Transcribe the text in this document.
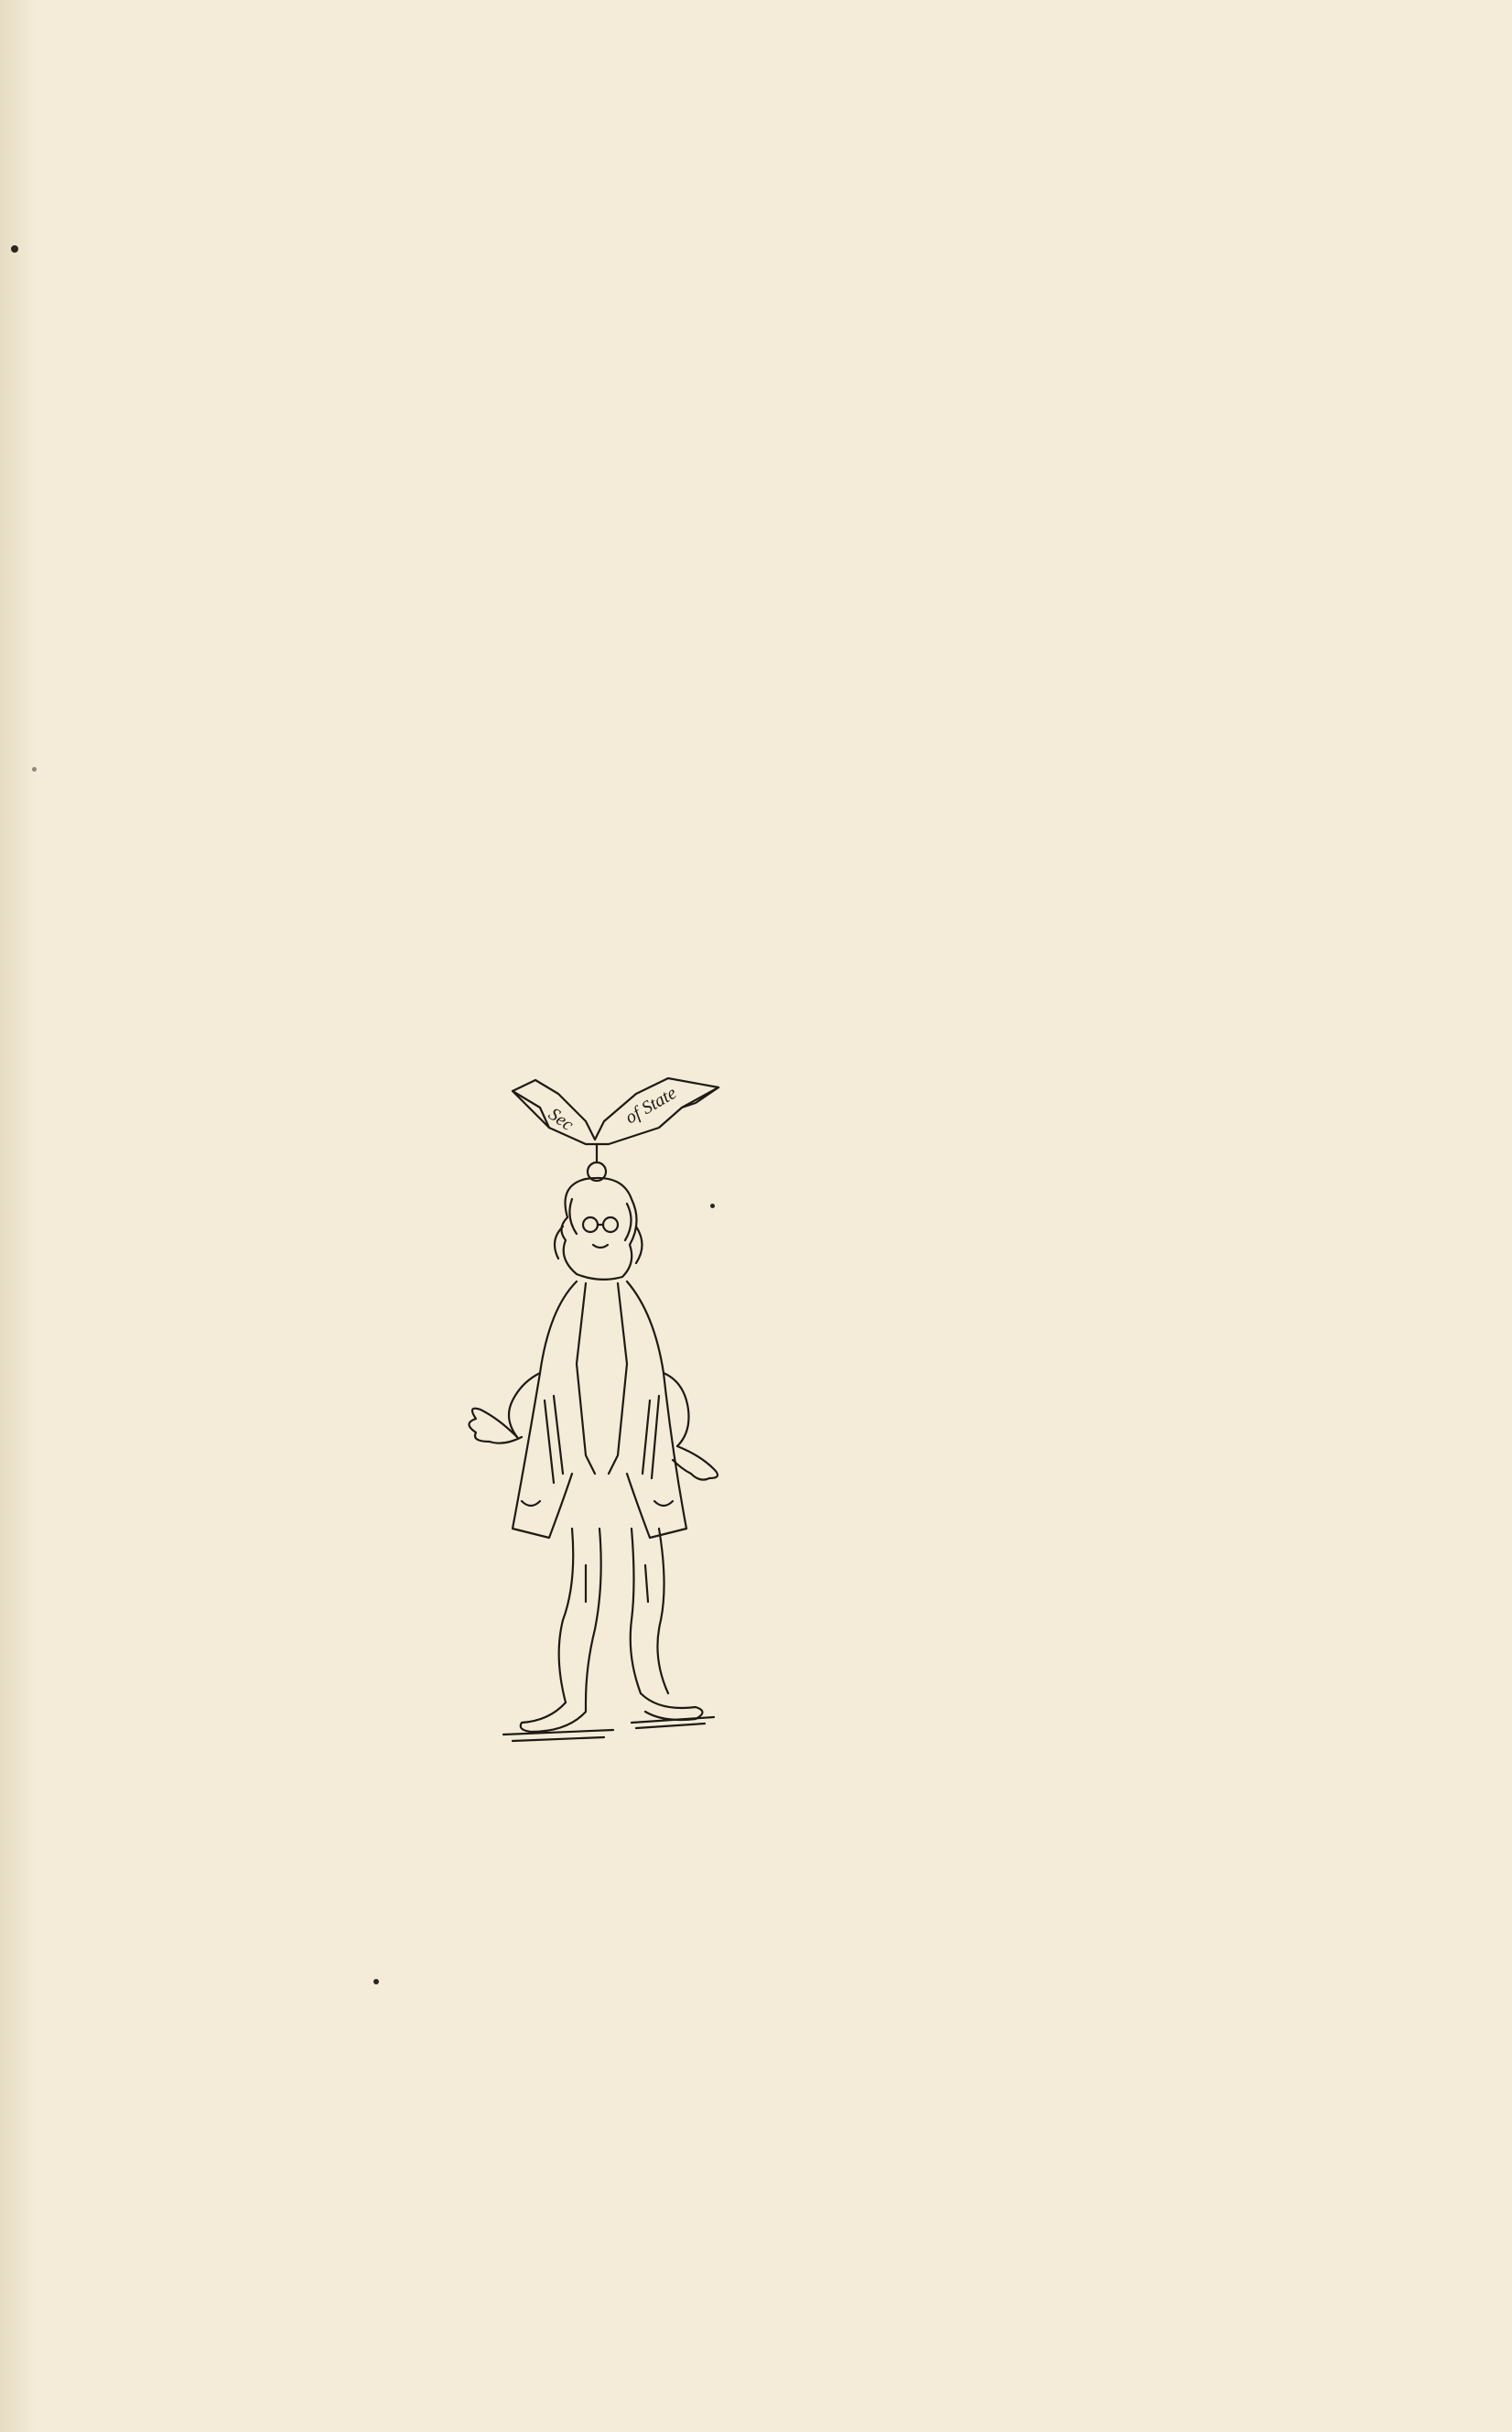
Sec of State
